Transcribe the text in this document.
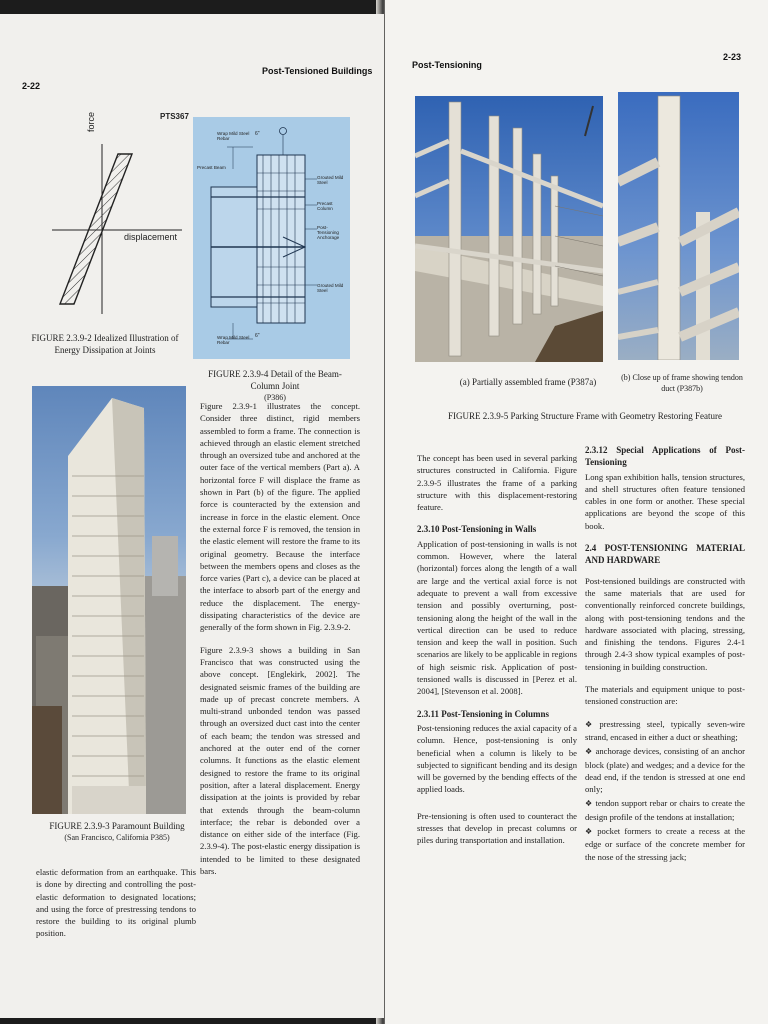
Post-Tensioned Buildings
2-22
PTS367
force
displacement
FIGURE 2.3.9-2 Idealized Illustration of Energy Dissipation at Joints
Wrap Mild Steel Rebar
6"
Precast Beam
Grouted Mild Steel
Precast Column
Post-Tensioning Anchorage
Grouted Mild Steel
Wrap Mild Steel Rebar
6"
FIGURE 2.3.9-4 Detail of the Beam-Column Joint
(P386)
FIGURE 2.3.9-3 Paramount Building
(San Francisco, California P385)

Figure 2.3.9-1 illustrates the concept. Consider three distinct, rigid members assembled to form a frame. The connection is achieved through an elastic element stretched through an oversized tube and anchored at the outer face of the vertical members (Part a). A horizontal force F will displace the frame as shown in Part (b) of the figure. The applied force is counteracted by the extension and increase in force in the elastic element. Once the external force F is removed, the tension in the elastic element will restore the frame to its original geometry. Because the interface between the members opens and closes as the force varies (Part c), a device can be placed at the interface to absorb part of the energy and reduce the displacement. The energy-dissipating characteristics of the device are generally of the form shown in Fig. 2.3.9-2.

Figure 2.3.9-3 shows a building in San Francisco that was constructed using the above concept. [Englekirk, 2002]. The designated seismic frames of the building are made up of precast concrete members. A multi-strand unbonded tendon was passed through an oversized duct cast into the center of each beam; the tendon was stressed and anchored at the outer end of the corner columns. It functions as the elastic element designed to restore the frame to its original position, after a lateral displacement. Energy dissipation at the joints is provided by rebar that extends through the beam-column interface; the rebar is debonded over a distance on either side of the interface (Fig. 2.3.9-4). The post-elastic energy dissipation is intended to be limited to these designated bars.

elastic deformation from an earthquake. This is done by directing and controlling the post-elastic deformation to designated locations; and using the force of prestressing tendons to restore the building to its original plumb position.

Post-Tensioning
2-23
(a) Partially assembled frame (P387a)	(b) Close up of frame showing tendon duct (P387b)
FIGURE 2.3.9-5 Parking Structure Frame with Geometry Restoring Feature

The concept has been used in several parking structures constructed in California. Figure 2.3.9-5 illustrates the frame of a parking structure with this displacement-restoring feature.

2.3.10 Post-Tensioning in Walls

Application of post-tensioning in walls is not common. However, where the lateral (horizontal) forces along the length of a wall are large and the vertical axial force is not adequate to prevent a wall from excessive tension and possibly overturning, post-tensioning along the height of the wall in the vertical direction can be used to reduce tension and keep the wall in position. Such scenarios are likely to be applicable in regions of high seismic risk. Application of post-tensioned walls is discussed in [Perez et al. 2004], [Stevenson et al. 2008].

2.3.11 Post-Tensioning in Columns

Post-tensioning reduces the axial capacity of a column. Hence, post-tensioning is only beneficial when a column is likely to be subjected to significant bending and its design will be governed by the bending effects of the applied loads.

Pre-tensioning is often used to counteract the stresses that develop in precast columns or piles during transportation and installation.

2.3.12 Special Applications of Post-Tensioning

Long span exhibition halls, tension structures, and shell structures often feature tensioned cables in one form or another. These special applications are beyond the scope of this book.

2.4 POST-TENSIONING MATERIAL AND HARDWARE

Post-tensioned buildings are constructed with the same materials that are used for conventionally reinforced concrete buildings, along with post-tensioning tendons and the hardware associated with placing, stressing, and finishing the tendons. Figures 2.4-1 through 2.4-3 show typical examples of post-tensioning in building construction.

The materials and equipment unique to post-tensioned construction are:

❖ prestressing steel, typically seven-wire strand, encased in either a duct or sheathing;
❖ anchorage devices, consisting of an anchor block (plate) and wedges; and a device for the dead end, if the tendon is stressed at one end only;
❖ tendon support rebar or chairs to create the design profile of the tendons at installation;
❖ pocket formers to create a recess at the edge or surface of the concrete member for the nose of the stressing jack;
